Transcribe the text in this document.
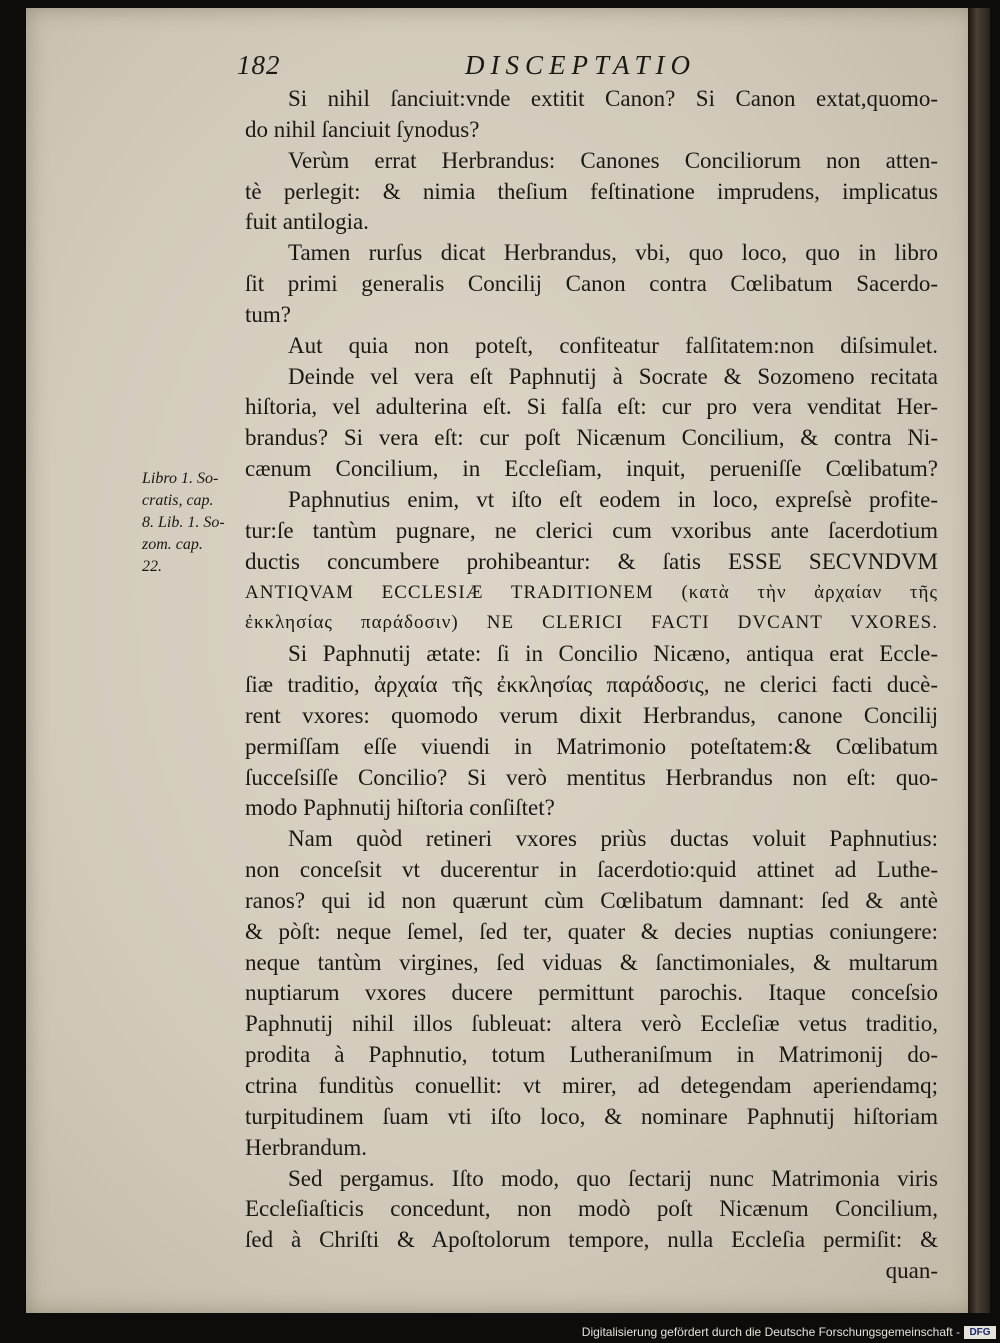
182	DISCEPTATIO
Libro 1. So-
cratis, cap.
8. Lib. 1. So-
zom. cap.
22.
Si nihil ſanciuit:vnde extitit Canon? Si Canon extat,quomo-
do nihil ſanciuit ſynodus?
Verùm errat Herbrandus: Canones Conciliorum non atten-
tè perlegit: & nimia theſium feſtinatione imprudens, implicatus
fuit antilogia.
Tamen rurſus dicat Herbrandus, vbi, quo loco, quo in libro
ſit primi generalis Concilij Canon contra Cœlibatum Sacerdo-
tum?
Aut quia non poteſt, confiteatur falſitatem:non diſsimulet.
Deinde vel vera eſt Paphnutij à Socrate & Sozomeno recitata
hiſtoria, vel adulterina eſt. Si falſa eſt: cur pro vera venditat Her-
brandus? Si vera eſt: cur poſt Nicænum Concilium, & contra Ni-
cænum Concilium, in Eccleſiam, inquit, perueniſſe Cœlibatum?
Paphnutius enim, vt iſto eſt eodem in loco, expreſsè profite-
tur:ſe tantùm pugnare, ne clerici cum vxoribus ante ſacerdotium
ductis concumbere prohibeantur: & ſatis ESSE SECVNDVM
ANTIQVAM ECCLESIÆ TRADITIONEM (κατὰ τὴν ἀρχαίαν τῆς
ἐκκλησίας παράδοσιν) NE CLERICI FACTI DVCANT VXORES.
Si Paphnutij ætate: ſi in Concilio Nicæno, antiqua erat Eccle-
ſiæ traditio, ἀρχαία τῆς ἐκκλησίας παράδοσις, ne clerici facti ducè-
rent vxores: quomodo verum dixit Herbrandus, canone Concilij
permiſſam eſſe viuendi in Matrimonio poteſtatem:& Cœlibatum
ſucceſsiſſe Concilio? Si verò mentitus Herbrandus non eſt: quo-
modo Paphnutij hiſtoria conſiſtet?
Nam quòd retineri vxores priùs ductas voluit Paphnutius:
non conceſsit vt ducerentur in ſacerdotio:quid attinet ad Luthe-
ranos? qui id non quærunt cùm Cœlibatum damnant: ſed & antè
& pòſt: neque ſemel, ſed ter, quater & decies nuptias coniungere:
neque tantùm virgines, ſed viduas & ſanctimoniales, & multarum
nuptiarum vxores ducere permittunt parochis. Itaque conceſsio
Paphnutij nihil illos ſubleuat: altera verò Eccleſiæ vetus traditio,
prodita à Paphnutio, totum Lutheraniſmum in Matrimonij do-
ctrina funditùs conuellit: vt mirer, ad detegendam aperiendamq;
turpitudinem ſuam vti iſto loco, & nominare Paphnutij hiſtoriam
Herbrandum.
Sed pergamus. Iſto modo, quo ſectarij nunc Matrimonia viris
Eccleſiaſticis concedunt, non modò poſt Nicænum Concilium,
ſed à Chriſti & Apoſtolorum tempore, nulla Eccleſia permiſit: &
quan-
Digitalisierung gefördert durch die Deutsche Forschungsgemeinschaft - DFG
